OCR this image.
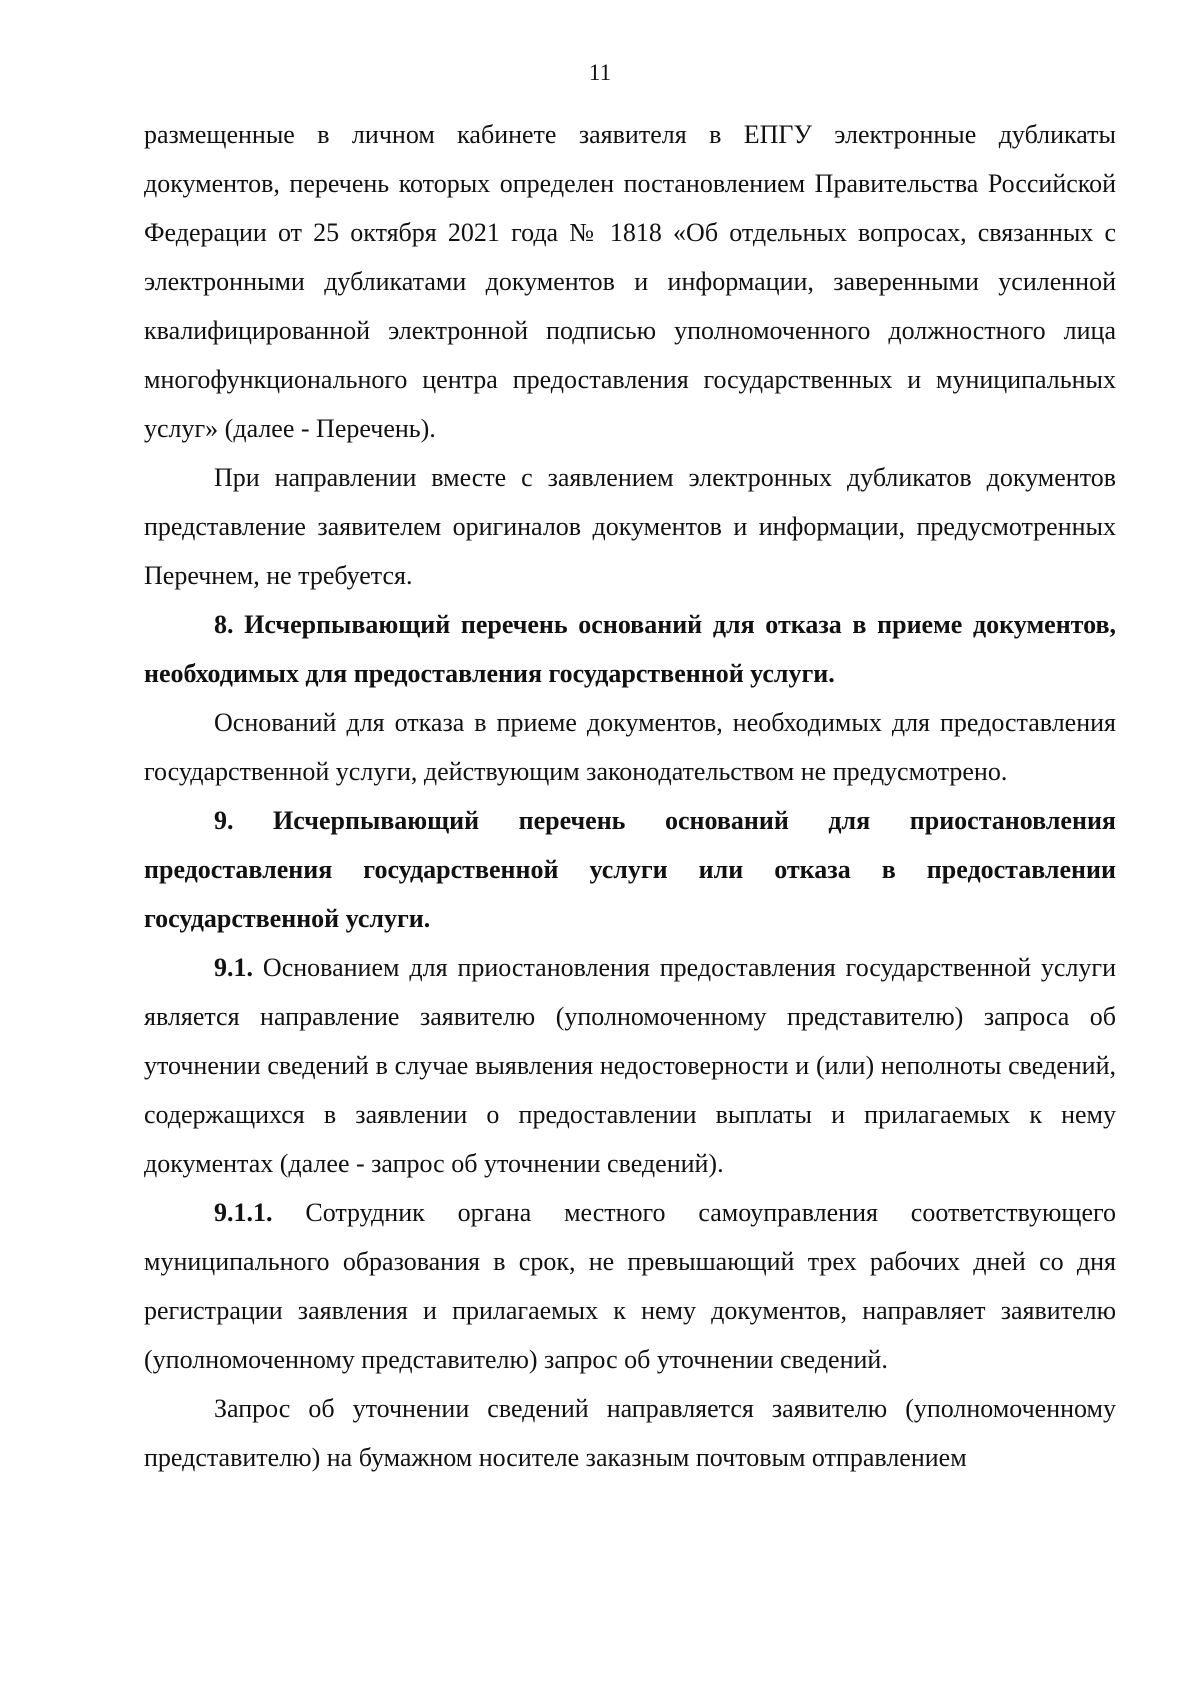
11

размещенные в личном кабинете заявителя в ЕПГУ электронные дубликаты документов, перечень которых определен постановлением Правительства Российской Федерации от 25 октября 2021 года № 1818 «Об отдельных вопросах, связанных с электронными дубликатами документов и информации, заверенными усиленной квалифицированной электронной подписью уполномоченного должностного лица многофункционального центра предоставления государственных и муниципальных услуг» (далее - Перечень).

При направлении вместе с заявлением электронных дубликатов документов представление заявителем оригиналов документов и информации, предусмотренных Перечнем, не требуется.

8. Исчерпывающий перечень оснований для отказа в приеме документов, необходимых для предоставления государственной услуги.

Оснований для отказа в приеме документов, необходимых для предоставления государственной услуги, действующим законодательством не предусмотрено.

9. Исчерпывающий перечень оснований для приостановления предоставления государственной услуги или отказа в предоставлении государственной услуги.

9.1. Основанием для приостановления предоставления государственной услуги является направление заявителю (уполномоченному представителю) запроса об уточнении сведений в случае выявления недостоверности и (или) неполноты сведений, содержащихся в заявлении о предоставлении выплаты и прилагаемых к нему документах (далее - запрос об уточнении сведений).

9.1.1. Сотрудник органа местного самоуправления соответствующего муниципального образования в срок, не превышающий трех рабочих дней со дня регистрации заявления и прилагаемых к нему документов, направляет заявителю (уполномоченному представителю) запрос об уточнении сведений.

Запрос об уточнении сведений направляется заявителю (уполномоченному представителю) на бумажном носителе заказным почтовым отправлением
